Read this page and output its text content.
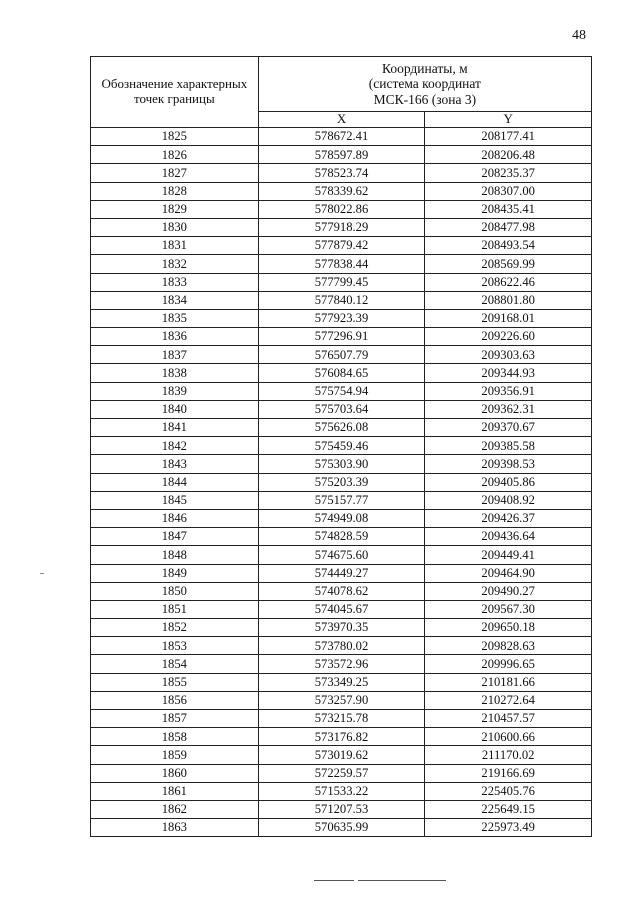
48
Обозначение характерных точек границы	Координаты, м
(система координат
МСК-166 (зона 3)	

	X	Y
1825	578672.41	208177.41
1826	578597.89	208206.48
1827	578523.74	208235.37
1828	578339.62	208307.00
1829	578022.86	208435.41
1830	577918.29	208477.98
1831	577879.42	208493.54
1832	577838.44	208569.99
1833	577799.45	208622.46
1834	577840.12	208801.80
1835	577923.39	209168.01
1836	577296.91	209226.60
1837	576507.79	209303.63
1838	576084.65	209344.93
1839	575754.94	209356.91
1840	575703.64	209362.31
1841	575626.08	209370.67
1842	575459.46	209385.58
1843	575303.90	209398.53
1844	575203.39	209405.86
1845	575157.77	209408.92
1846	574949.08	209426.37
1847	574828.59	209436.64
1848	574675.60	209449.41
1849	574449.27	209464.90
1850	574078.62	209490.27
1851	574045.67	209567.30
1852	573970.35	209650.18
1853	573780.02	209828.63
1854	573572.96	209996.65
1855	573349.25	210181.66
1856	573257.90	210272.64
1857	573215.78	210457.57
1858	573176.82	210600.66
1859	573019.62	211170.02
1860	572259.57	219166.69
1861	571533.22	225405.76
1862	571207.53	225649.15
1863	570635.99	225973.49
